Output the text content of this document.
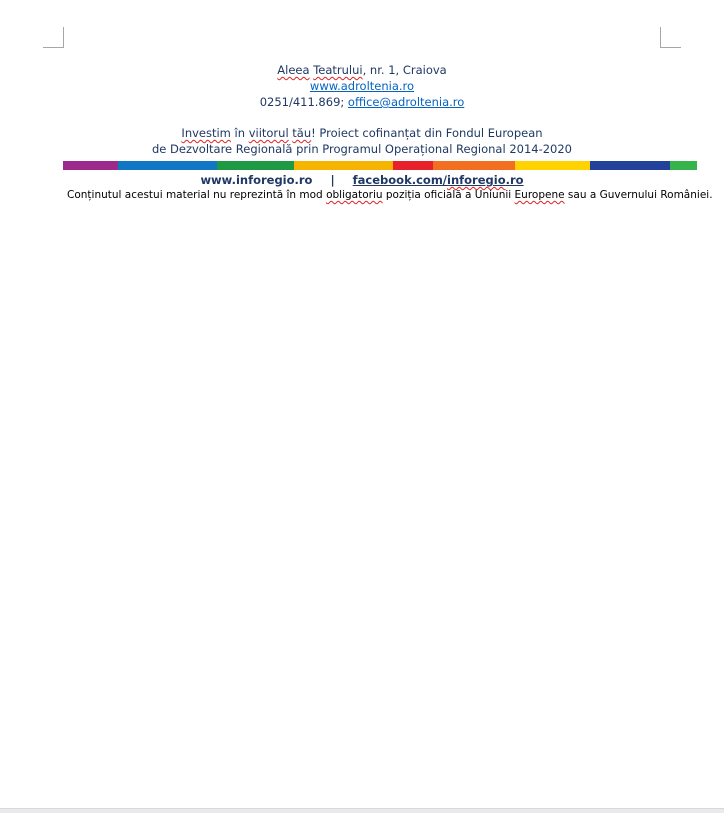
Aleea Teatrului, nr. 1, Craiova
www.adroltenia.ro
0251/411.869; office@adroltenia.ro
Investim în viitorul tău! Proiect cofinanțat din Fondul European
de Dezvoltare Regională prin Programul Operațional Regional 2014-2020
www.inforegio.ro | facebook.com/inforegio.ro
Conținutul acestui material nu reprezintă în mod obligatoriu poziția oficială a Uniunii Europene sau a Guvernului României.
